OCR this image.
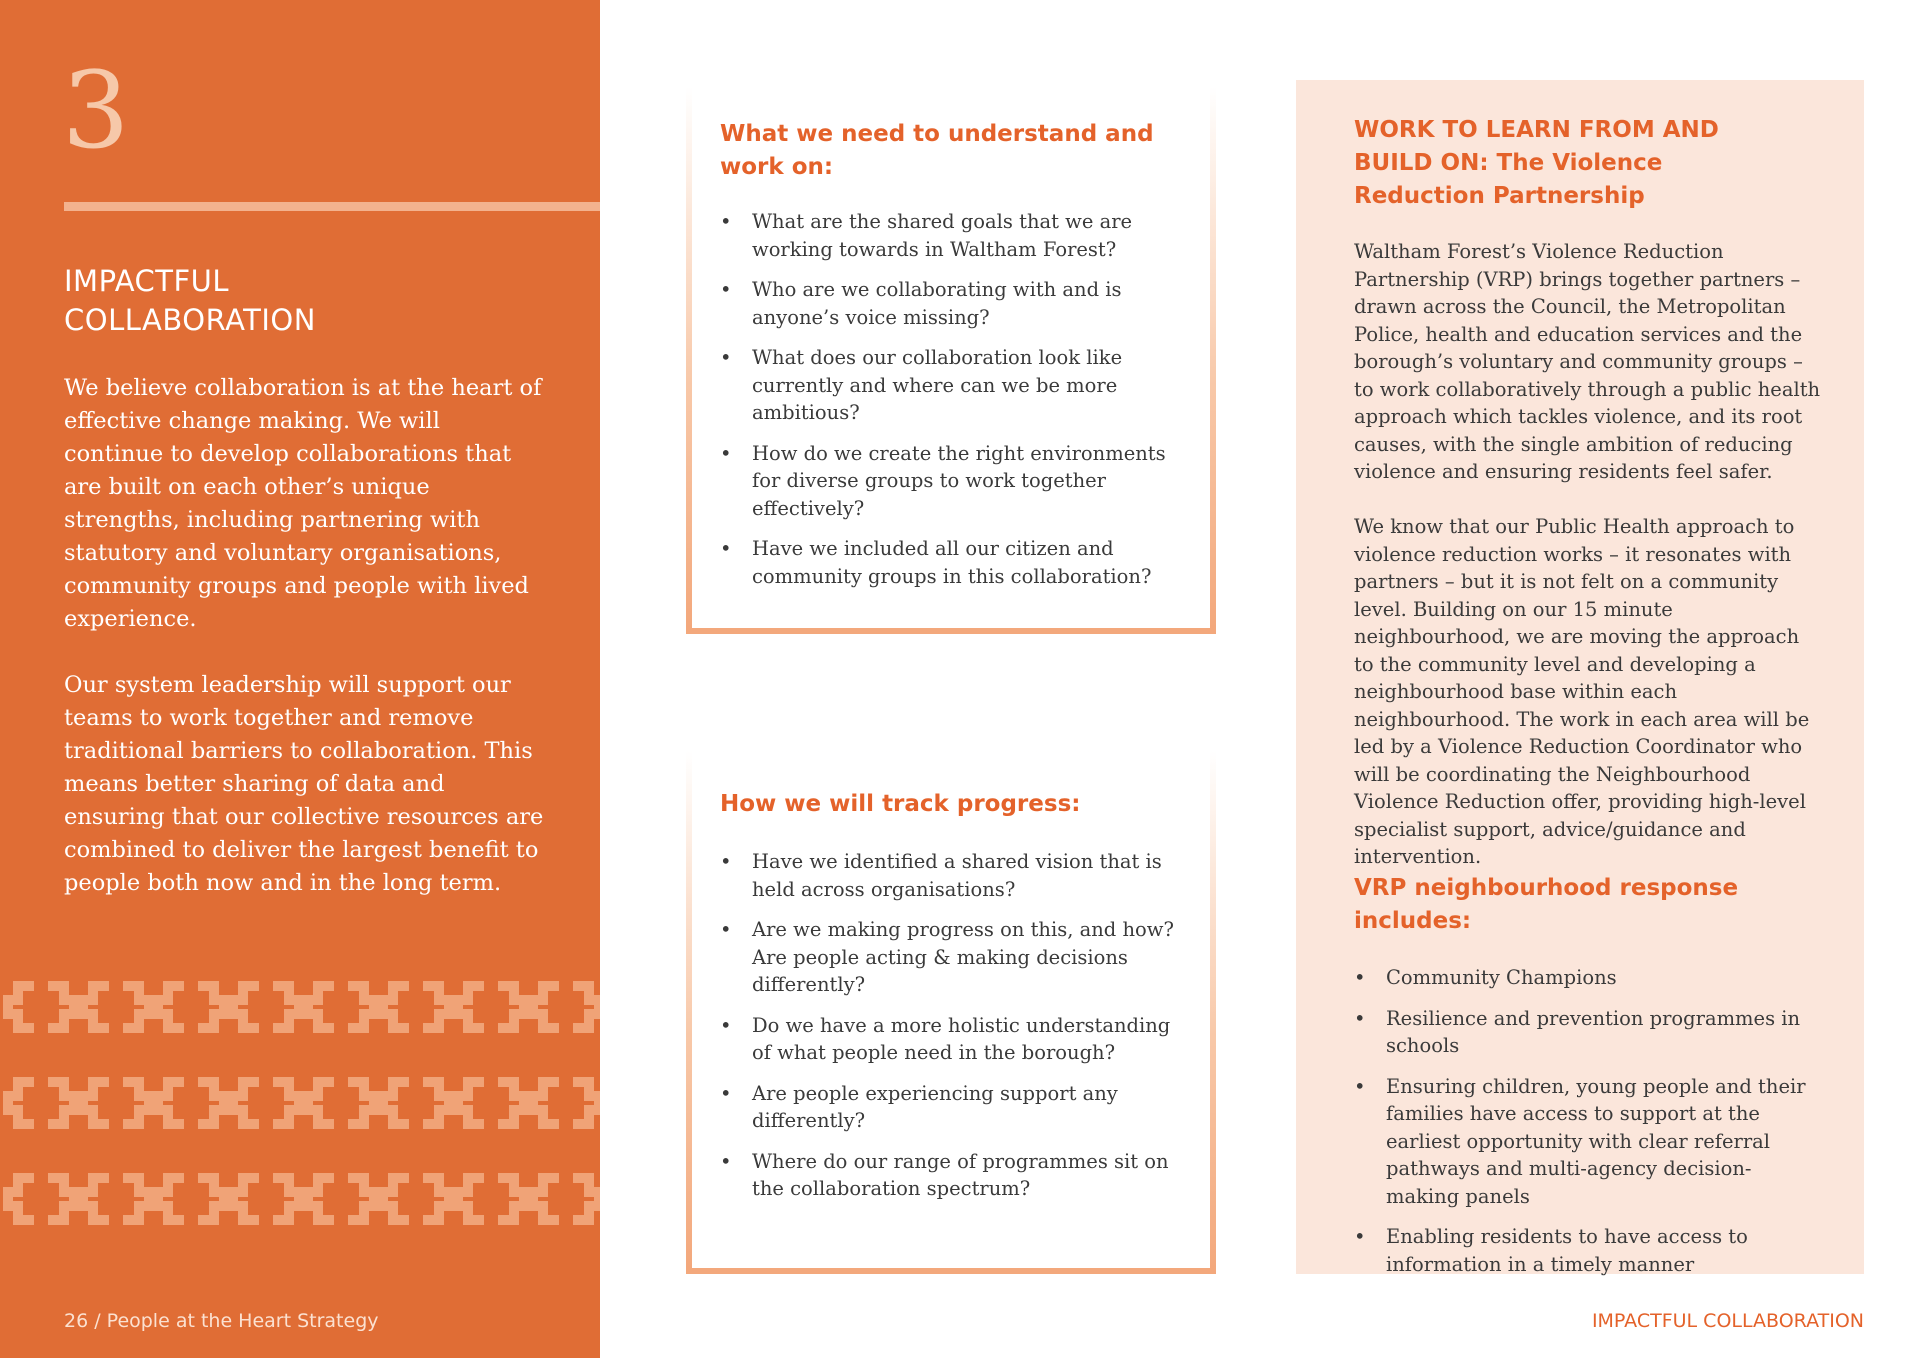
3
IMPACTFUL
COLLABORATION

We believe collaboration is at the heart of effective change making. We will continue to develop collaborations that are built on each other’s unique strengths, including partnering with statutory and voluntary organisations, community groups and people with lived experience.

Our system leadership will support our teams to work together and remove traditional barriers to collaboration. This means better sharing of data and ensuring that our collective resources are combined to deliver the largest benefit to people both now and in the long term.

26 / People at the Heart Strategy

What we need to understand and work on:
• What are the shared goals that we are working towards in Waltham Forest?
• Who are we collaborating with and is anyone’s voice missing?
• What does our collaboration look like currently and where can we be more ambitious?
• How do we create the right environments for diverse groups to work together effectively?
• Have we included all our citizen and community groups in this collaboration?
How we will track progress:
• Have we identified a shared vision that is held across organisations?
• Are we making progress on this, and how? Are people acting & making decisions differently?
• Do we have a more holistic understanding of what people need in the borough?
• Are people experiencing support any differently?
• Where do our range of programmes sit on the collaboration spectrum?
WORK TO LEARN FROM AND BUILD ON: The Violence Reduction Partnership

Waltham Forest’s Violence Reduction Partnership (VRP) brings together partners – drawn across the Council, the Metropolitan Police, health and education services and the borough’s voluntary and community groups – to work collaboratively through a public health approach which tackles violence, and its root causes, with the single ambition of reducing violence and ensuring residents feel safer.

We know that our Public Health approach to violence reduction works – it resonates with partners – but it is not felt on a community level. Building on our 15 minute neighbourhood, we are moving the approach to the community level and developing a neighbourhood base within each neighbourhood. The work in each area will be led by a Violence Reduction Coordinator who will be coordinating the Neighbourhood Violence Reduction offer, providing high-level specialist support, advice/guidance and intervention.

VRP neighbourhood response includes:
• Community Champions
• Resilience and prevention programmes in schools
• Ensuring children, young people and their families have access to support at the earliest opportunity with clear referral pathways and multi-agency decision-making panels
• Enabling residents to have access to information in a timely manner

IMPACTFUL COLLABORATION
